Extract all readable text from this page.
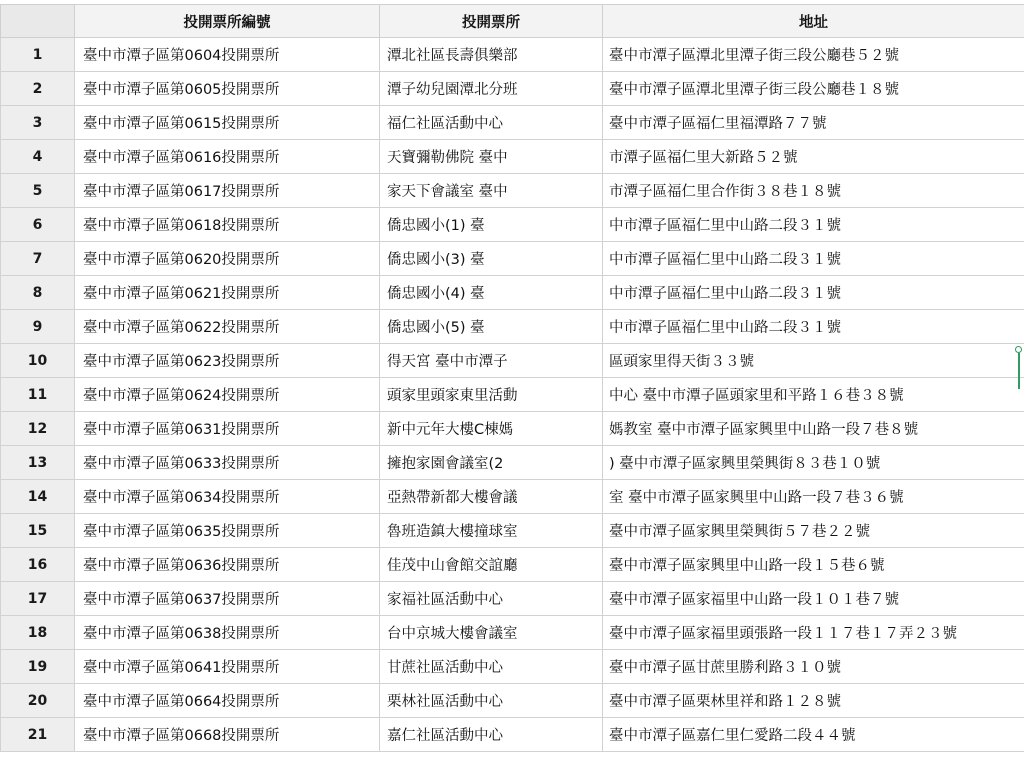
	投開票所編號	投開票所	地址
1	臺中市潭子區第0604投開票所	潭北社區長壽俱樂部	臺中市潭子區潭北里潭子街三段公廳巷５２號
2	臺中市潭子區第0605投開票所	潭子幼兒園潭北分班	臺中市潭子區潭北里潭子街三段公廳巷１８號
3	臺中市潭子區第0615投開票所	福仁社區活動中心	臺中市潭子區福仁里福潭路７７號
4	臺中市潭子區第0616投開票所	天寶彌勒佛院 臺中	市潭子區福仁里大新路５２號
5	臺中市潭子區第0617投開票所	家天下會議室 臺中	市潭子區福仁里合作街３８巷１８號
6	臺中市潭子區第0618投開票所	僑忠國小(1) 臺	中市潭子區福仁里中山路二段３１號
7	臺中市潭子區第0620投開票所	僑忠國小(3) 臺	中市潭子區福仁里中山路二段３１號
8	臺中市潭子區第0621投開票所	僑忠國小(4) 臺	中市潭子區福仁里中山路二段３１號
9	臺中市潭子區第0622投開票所	僑忠國小(5) 臺	中市潭子區福仁里中山路二段３１號
10	臺中市潭子區第0623投開票所	得天宮 臺中市潭子	區頭家里得天街３３號
11	臺中市潭子區第0624投開票所	頭家里頭家東里活動	中心 臺中市潭子區頭家里和平路１６巷３８號
12	臺中市潭子區第0631投開票所	新中元年大樓C棟媽	媽教室 臺中市潭子區家興里中山路一段７巷８號
13	臺中市潭子區第0633投開票所	擁抱家園會議室(2	) 臺中市潭子區家興里榮興街８３巷１０號
14	臺中市潭子區第0634投開票所	亞熱帶新都大樓會議	室 臺中市潭子區家興里中山路一段７巷３６號
15	臺中市潭子區第0635投開票所	魯班造鎮大樓撞球室	臺中市潭子區家興里榮興街５７巷２２號
16	臺中市潭子區第0636投開票所	佳茂中山會館交誼廳	臺中市潭子區家興里中山路一段１５巷６號
17	臺中市潭子區第0637投開票所	家福社區活動中心	臺中市潭子區家福里中山路一段１０１巷７號
18	臺中市潭子區第0638投開票所	台中京城大樓會議室	臺中市潭子區家福里頭張路一段１１７巷１７弄２３號
19	臺中市潭子區第0641投開票所	甘蔗社區活動中心	臺中市潭子區甘蔗里勝利路３１０號
20	臺中市潭子區第0664投開票所	栗林社區活動中心	臺中市潭子區栗林里祥和路１２８號
21	臺中市潭子區第0668投開票所	嘉仁社區活動中心	臺中市潭子區嘉仁里仁愛路二段４４號
